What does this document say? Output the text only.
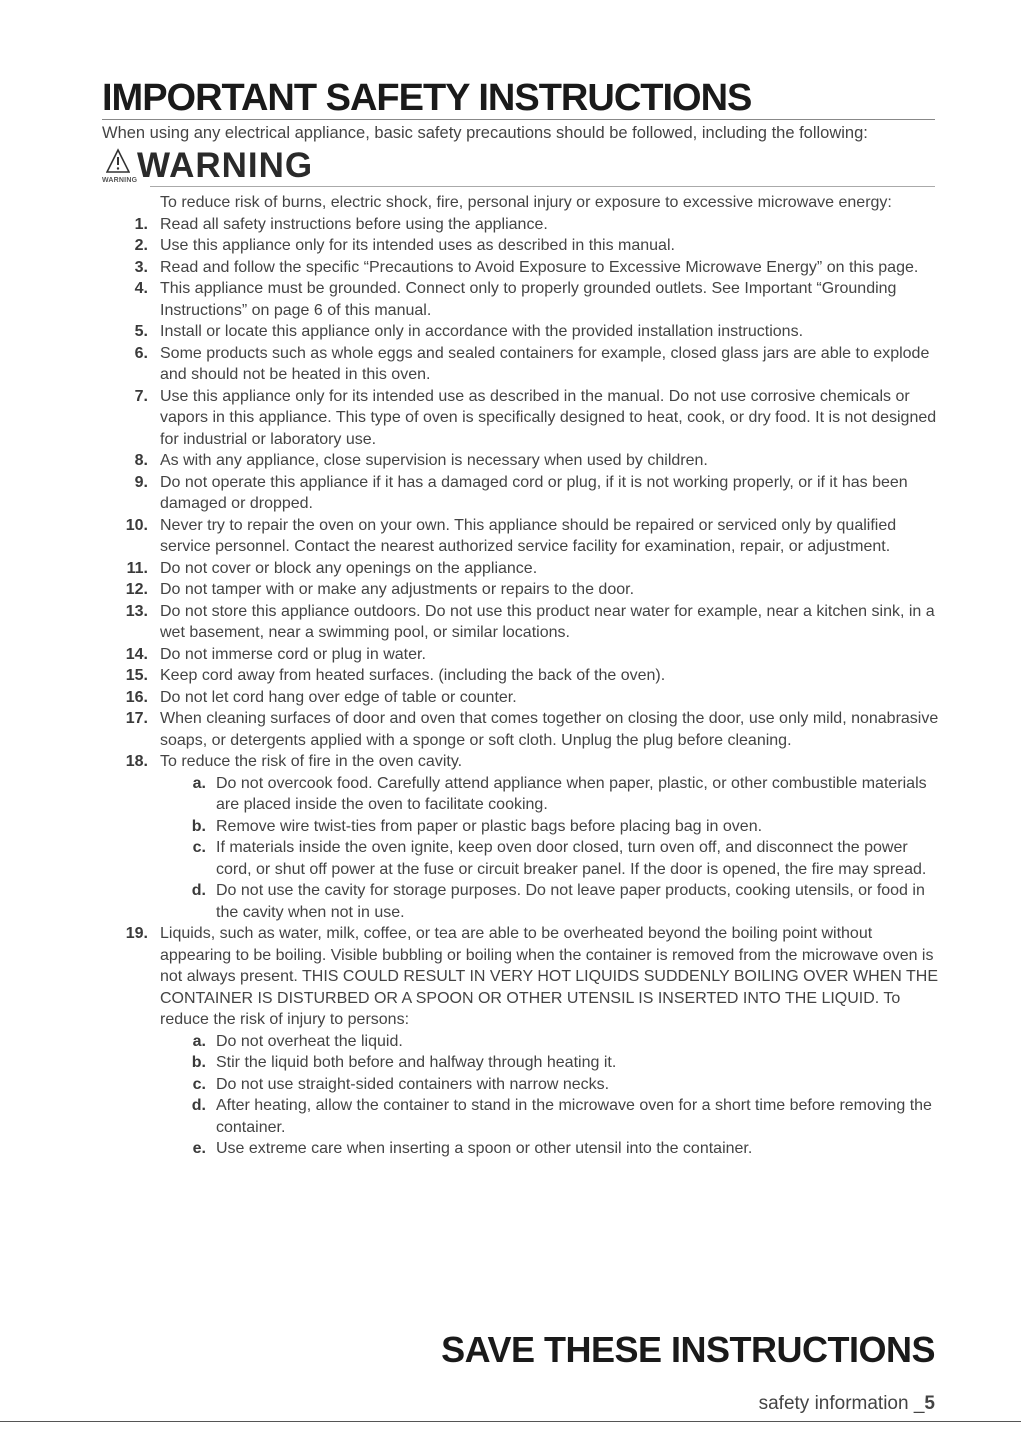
IMPORTANT SAFETY INSTRUCTIONS

When using any electrical appliance, basic safety precautions should be followed, including the following:

WARNING WARNING

To reduce risk of burns, electric shock, fire, personal injury or exposure to excessive microwave energy:

1. Read all safety instructions before using the appliance.
2. Use this appliance only for its intended uses as described in this manual.
3. Read and follow the specific “Precautions to Avoid Exposure to Excessive Microwave Energy” on this page.
4. This appliance must be grounded. Connect only to properly grounded outlets. See Important “Grounding Instructions” on page 6 of this manual.
5. Install or locate this appliance only in accordance with the provided installation instructions.
6. Some products such as whole eggs and sealed containers for example, closed glass jars are able to explode and should not be heated in this oven.
7. Use this appliance only for its intended use as described in the manual. Do not use corrosive chemicals or vapors in this appliance. This type of oven is specifically designed to heat, cook, or dry food. It is not designed for industrial or laboratory use.
8. As with any appliance, close supervision is necessary when used by children.
9. Do not operate this appliance if it has a damaged cord or plug, if it is not working properly, or if it has been damaged or dropped.
10. Never try to repair the oven on your own. This appliance should be repaired or serviced only by qualified service personnel. Contact the nearest authorized service facility for examination, repair, or adjustment.
11. Do not cover or block any openings on the appliance.
12. Do not tamper with or make any adjustments or repairs to the door.
13. Do not store this appliance outdoors. Do not use this product near water for example, near a kitchen sink, in a wet basement, near a swimming pool, or similar locations.
14. Do not immerse cord or plug in water.
15. Keep cord away from heated surfaces. (including the back of the oven).
16. Do not let cord hang over edge of table or counter.
17. When cleaning surfaces of door and oven that comes together on closing the door, use only mild, nonabrasive soaps, or detergents applied with a sponge or soft cloth. Unplug the plug before cleaning.
18. To reduce the risk of fire in the oven cavity.
a. Do not overcook food. Carefully attend appliance when paper, plastic, or other combustible materials are placed inside the oven to facilitate cooking.
b. Remove wire twist-ties from paper or plastic bags before placing bag in oven.
c. If materials inside the oven ignite, keep oven door closed, turn oven off, and disconnect the power cord, or shut off power at the fuse or circuit breaker panel. If the door is opened, the fire may spread.
d. Do not use the cavity for storage purposes. Do not leave paper products, cooking utensils, or food in the cavity when not in use.
19. Liquids, such as water, milk, coffee, or tea are able to be overheated beyond the boiling point without appearing to be boiling. Visible bubbling or boiling when the container is removed from the microwave oven is not always present. THIS COULD RESULT IN VERY HOT LIQUIDS SUDDENLY BOILING OVER WHEN THE CONTAINER IS DISTURBED OR A SPOON OR OTHER UTENSIL IS INSERTED INTO THE LIQUID. To reduce the risk of injury to persons:
a. Do not overheat the liquid.
b. Stir the liquid both before and halfway through heating it.
c. Do not use straight-sided containers with narrow necks.
d. After heating, allow the container to stand in the microwave oven for a short time before removing the container.
e. Use extreme care when inserting a spoon or other utensil into the container.

SAVE THESE INSTRUCTIONS

safety information _5
